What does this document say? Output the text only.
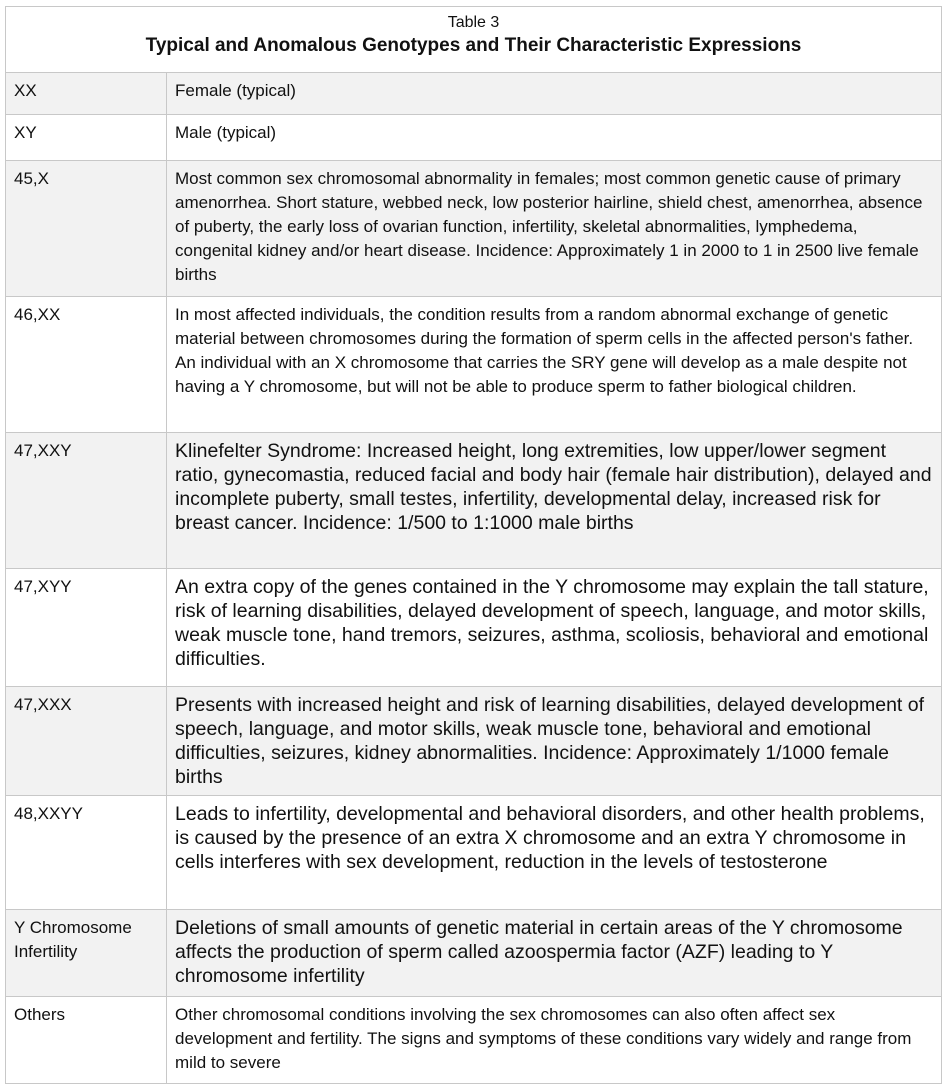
Table 3
Typical and Anomalous Genotypes and Their Characteristic Expressions	

XX	Female (typical)
XY	Male (typical)
45,X	Most common sex chromosomal abnormality in females; most common genetic cause of primary amenorrhea. Short stature, webbed neck, low posterior hairline, shield chest, amenorrhea, absence of puberty, the early loss of ovarian function, infertility, skeletal abnormalities, lymphedema, congenital kidney and/or heart disease. Incidence: Approximately 1 in 2000 to 1 in 2500 live female births
46,XX	In most affected individuals, the condition results from a random abnormal exchange of genetic material between chromosomes during the formation of sperm cells in the affected person's father. An individual with an X chromosome that carries the SRY gene will develop as a male despite not having a Y chromosome, but will not be able to produce sperm to father biological children.
47,XXY	Klinefelter Syndrome: Increased height, long extremities, low upper/lower segment ratio, gynecomastia, reduced facial and body hair (female hair distribution), delayed and incomplete puberty, small testes, infertility, developmental delay, increased risk for breast cancer. Incidence: 1/500 to 1:1000 male births
47,XYY	An extra copy of the genes contained in the Y chromosome may explain the tall stature, risk of learning disabilities, delayed development of speech, language, and motor skills, weak muscle tone, hand tremors, seizures, asthma, scoliosis, behavioral and emotional difficulties.
47,XXX	Presents with increased height and risk of learning disabilities, delayed development of speech, language, and motor skills, weak muscle tone, behavioral and emotional difficulties, seizures, kidney abnormalities. Incidence: Approximately 1/1000 female births
48,XXYY	Leads to infertility, developmental and behavioral disorders, and other health problems, is caused by the presence of an extra X chromosome and an extra Y chromosome in cells interferes with sex development, reduction in the levels of testosterone
Y Chromosome Infertility	Deletions of small amounts of genetic material in certain areas of the Y chromosome affects the production of sperm called azoospermia factor (AZF) leading to Y chromosome infertility
Others	Other chromosomal conditions involving the sex chromosomes can also often affect sex development and fertility. The signs and symptoms of these conditions vary widely and range from mild to severe
